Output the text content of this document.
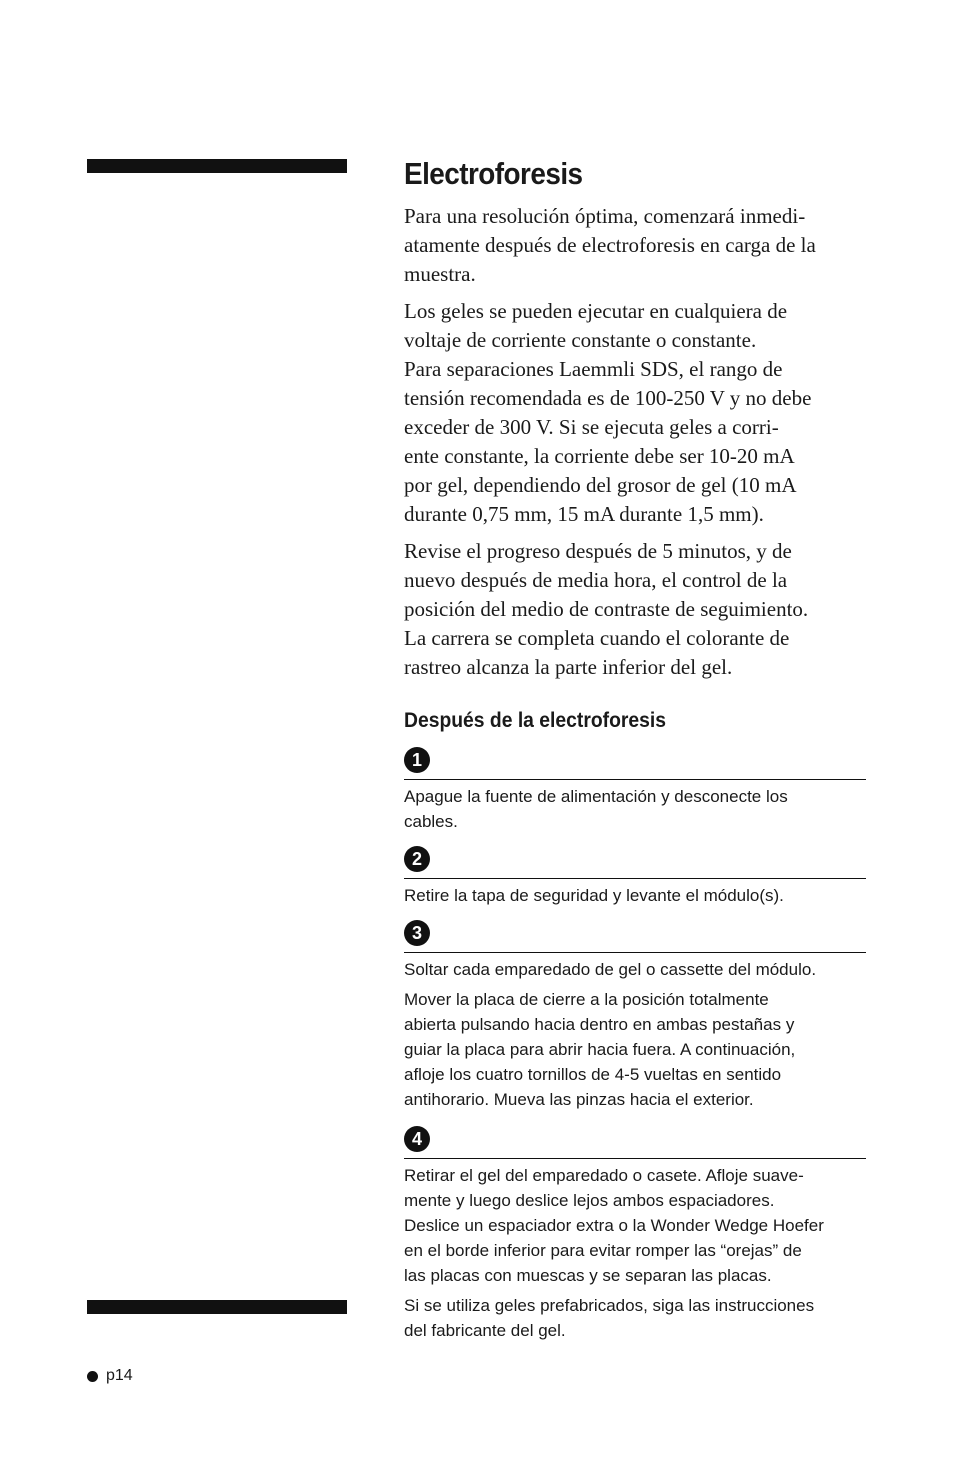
Electroforesis

Para una resolución óptima, comenzará inmedi-
atamente después de electroforesis en carga de la
muestra.

Los geles se pueden ejecutar en cualquiera de
voltaje de corriente constante o constante.
Para separaciones Laemmli SDS, el rango de
tensión recomendada es de 100-250 V y no debe
exceder de 300 V. Si se ejecuta geles a corri-
ente constante, la corriente debe ser 10-20 mA
por gel, dependiendo del grosor de gel (10 mA
durante 0,75 mm, 15 mA durante 1,5 mm).

Revise el progreso después de 5 minutos, y de
nuevo después de media hora, el control de la
posición del medio de contraste de seguimiento.
La carrera se completa cuando el colorante de
rastreo alcanza la parte inferior del gel.

Después de la electroforesis
1

Apague la fuente de alimentación y desconecte los
cables.

2

Retire la tapa de seguridad y levante el módulo(s).

3

Soltar cada emparedado de gel o cassette del módulo.

Mover la placa de cierre a la posición totalmente
abierta pulsando hacia dentro en ambas pestañas y
guiar la placa para abrir hacia fuera. A continuación,
afloje los cuatro tornillos de 4-5 vueltas en sentido
antihorario. Mueva las pinzas hacia el exterior.

4

Retirar el gel del emparedado o casete. Afloje suave-
mente y luego deslice lejos ambos espaciadores.
Deslice un espaciador extra o la Wonder Wedge Hoefer
en el borde inferior para evitar romper las “orejas” de
las placas con muescas y se separan las placas.

Si se utiliza geles prefabricados, siga las instrucciones
del fabricante del gel.

p14
